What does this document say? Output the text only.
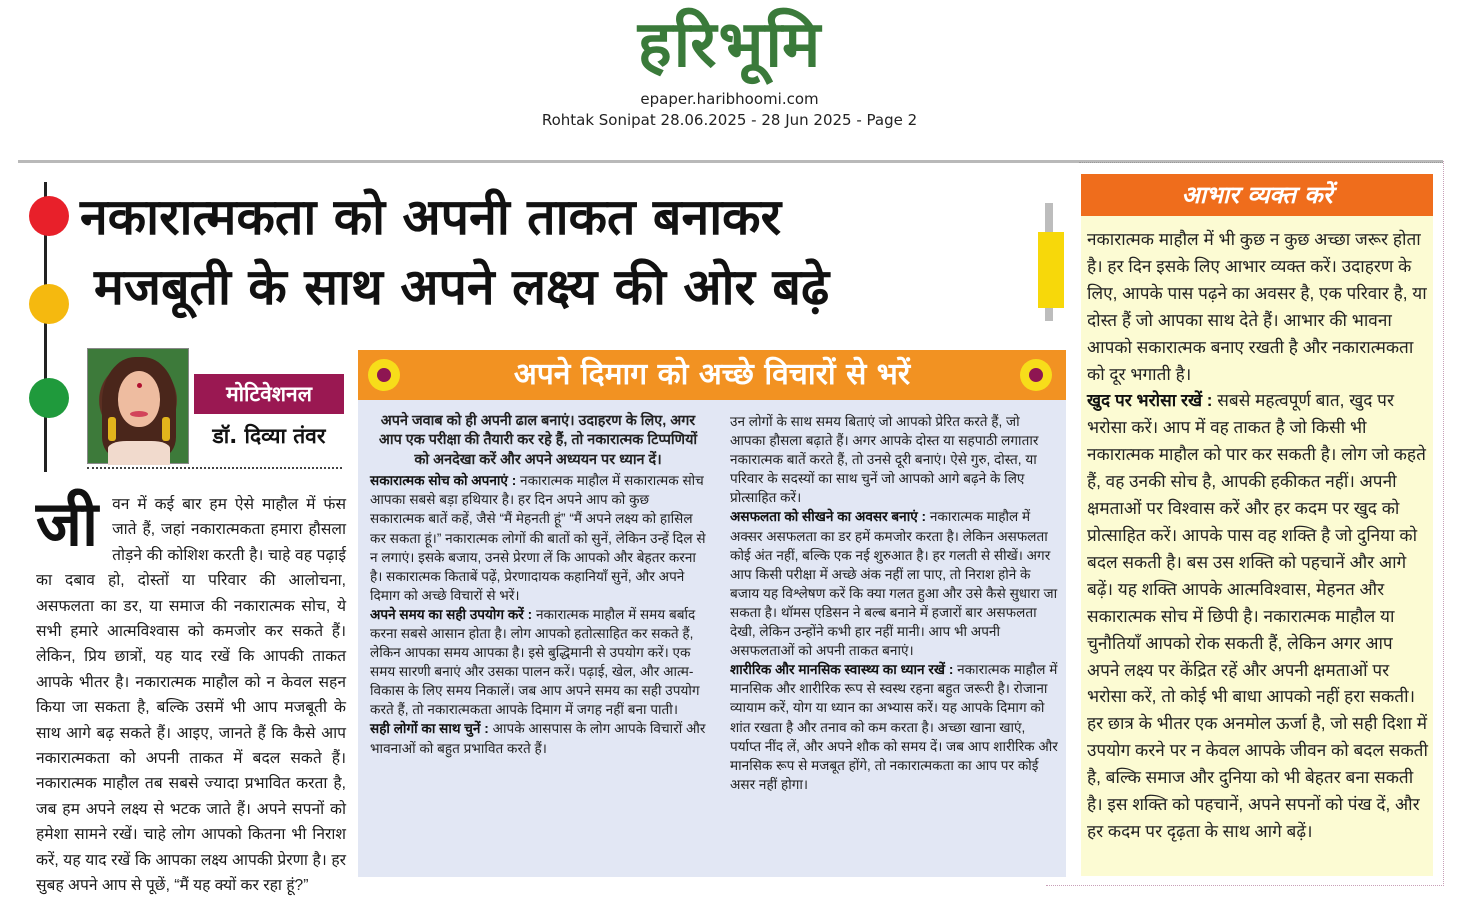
हरिभूमि
epaper.haribhoomi.com
Rohtak Sonipat 28.06.2025 - 28 Jun 2025 - Page 2
नकारात्मकता को अपनी ताकत बनाकर
मजबूती के साथ अपने लक्ष्य की ओर बढ़े
मोटिवेशनल
डॉ. दिव्या तंवर
जी वन में कई बार हम ऐसे माहौल में फंस जाते हैं, जहां नकारात्मकता हमारा हौसला तोड़ने की कोशिश करती है। चाहे वह पढ़ाई का दबाव हो, दोस्तों या परिवार की आलोचना, असफलता का डर, या समाज की नकारात्मक सोच, ये सभी हमारे आत्मविश्वास को कमजोर कर सकते हैं। लेकिन, प्रिय छात्रों, यह याद रखें कि आपकी ताकत आपके भीतर है। नकारात्मक माहौल को न केवल सहन किया जा सकता है, बल्कि उसमें भी आप मजबूती के साथ आगे बढ़ सकते हैं। आइए, जानते हैं कि कैसे आप नकारात्मकता को अपनी ताकत में बदल सकते हैं। नकारात्मक माहौल तब सबसे ज्यादा प्रभावित करता है, जब हम अपने लक्ष्य से भटक जाते हैं। अपने सपनों को हमेशा सामने रखें। चाहे लोग आपको कितना भी निराश करें, यह याद रखें कि आपका लक्ष्य आपकी प्रेरणा है। हर सुबह अपने आप से पूछें, “मैं यह क्यों कर रहा हूं?”
अपने दिमाग को अच्छे विचारों से भरें

अपने जवाब को ही अपनी ढाल बनाएं। उदाहरण के लिए, अगर आप एक परीक्षा की तैयारी कर रहे हैं, तो नकारात्मक टिप्पणियों को अनदेखा करें और अपने अध्ययन पर ध्यान दें।

सकारात्मक सोच को अपनाएं : नकारात्मक माहौल में सकारात्मक सोच आपका सबसे बड़ा हथियार है। हर दिन अपने आप को कुछ सकारात्मक बातें कहें, जैसे “मैं मेहनती हूं” “मैं अपने लक्ष्य को हासिल कर सकता हूं।” नकारात्मक लोगों की बातों को सुनें, लेकिन उन्हें दिल से न लगाएं। इसके बजाय, उनसे प्रेरणा लें कि आपको और बेहतर करना है। सकारात्मक किताबें पढ़ें, प्रेरणादायक कहानियाँ सुनें, और अपने दिमाग को अच्छे विचारों से भरें।

अपने समय का सही उपयोग करें : नकारात्मक माहौल में समय बर्बाद करना सबसे आसान होता है। लोग आपको हतोत्साहित कर सकते हैं, लेकिन आपका समय आपका है। इसे बुद्धिमानी से उपयोग करें। एक समय सारणी बनाएं और उसका पालन करें। पढ़ाई, खेल, और आत्म-विकास के लिए समय निकालें। जब आप अपने समय का सही उपयोग करते हैं, तो नकारात्मकता आपके दिमाग में जगह नहीं बना पाती।

सही लोगों का साथ चुनें : आपके आसपास के लोग आपके विचारों और भावनाओं को बहुत प्रभावित करते हैं।

उन लोगों के साथ समय बिताएं जो आपको प्रेरित करते हैं, जो आपका हौसला बढ़ाते हैं। अगर आपके दोस्त या सहपाठी लगातार नकारात्मक बातें करते हैं, तो उनसे दूरी बनाएं। ऐसे गुरु, दोस्त, या परिवार के सदस्यों का साथ चुनें जो आपको आगे बढ़ने के लिए प्रोत्साहित करें।

असफलता को सीखने का अवसर बनाएं : नकारात्मक माहौल में अक्सर असफलता का डर हमें कमजोर करता है। लेकिन असफलता कोई अंत नहीं, बल्कि एक नई शुरुआत है। हर गलती से सीखें। अगर आप किसी परीक्षा में अच्छे अंक नहीं ला पाए, तो निराश होने के बजाय यह विश्लेषण करें कि क्या गलत हुआ और उसे कैसे सुधारा जा सकता है। थॉमस एडिसन ने बल्ब बनाने में हजारों बार असफलता देखी, लेकिन उन्होंने कभी हार नहीं मानी। आप भी अपनी असफलताओं को अपनी ताकत बनाएं।

शारीरिक और मानसिक स्वास्थ्य का ध्यान रखें : नकारात्मक माहौल में मानसिक और शारीरिक रूप से स्वस्थ रहना बहुत जरूरी है। रोजाना व्यायाम करें, योग या ध्यान का अभ्यास करें। यह आपके दिमाग को शांत रखता है और तनाव को कम करता है। अच्छा खाना खाएं, पर्याप्त नींद लें, और अपने शौक को समय दें। जब आप शारीरिक और मानसिक रूप से मजबूत होंगे, तो नकारात्मकता का आप पर कोई असर नहीं होगा।

आभार व्यक्त करें
नकारात्मक माहौल में भी कुछ न कुछ अच्छा जरूर होता है। हर दिन इसके लिए आभार व्यक्त करें। उदाहरण के लिए, आपके पास पढ़ने का अवसर है, एक परिवार है, या दोस्त हैं जो आपका साथ देते हैं। आभार की भावना आपको सकारात्मक बनाए रखती है और नकारात्मकता को दूर भगाती है।
खुद पर भरोसा रखें : सबसे महत्वपूर्ण बात, खुद पर भरोसा करें। आप में वह ताकत है जो किसी भी नकारात्मक माहौल को पार कर सकती है। लोग जो कहते हैं, वह उनकी सोच है, आपकी हकीकत नहीं। अपनी क्षमताओं पर विश्वास करें और हर कदम पर खुद को प्रोत्साहित करें। आपके पास वह शक्ति है जो दुनिया को बदल सकती है। बस उस शक्ति को पहचानें और आगे बढ़ें। यह शक्ति आपके आत्मविश्वास, मेहनत और सकारात्मक सोच में छिपी है। नकारात्मक माहौल या चुनौतियाँ आपको रोक सकती हैं, लेकिन अगर आप अपने लक्ष्य पर केंद्रित रहें और अपनी क्षमताओं पर भरोसा करें, तो कोई भी बाधा आपको नहीं हरा सकती। हर छात्र के भीतर एक अनमोल ऊर्जा है, जो सही दिशा में उपयोग करने पर न केवल आपके जीवन को बदल सकती है, बल्कि समाज और दुनिया को भी बेहतर बना सकती है। इस शक्ति को पहचानें, अपने सपनों को पंख दें, और हर कदम पर दृढ़ता के साथ आगे बढ़ें।
